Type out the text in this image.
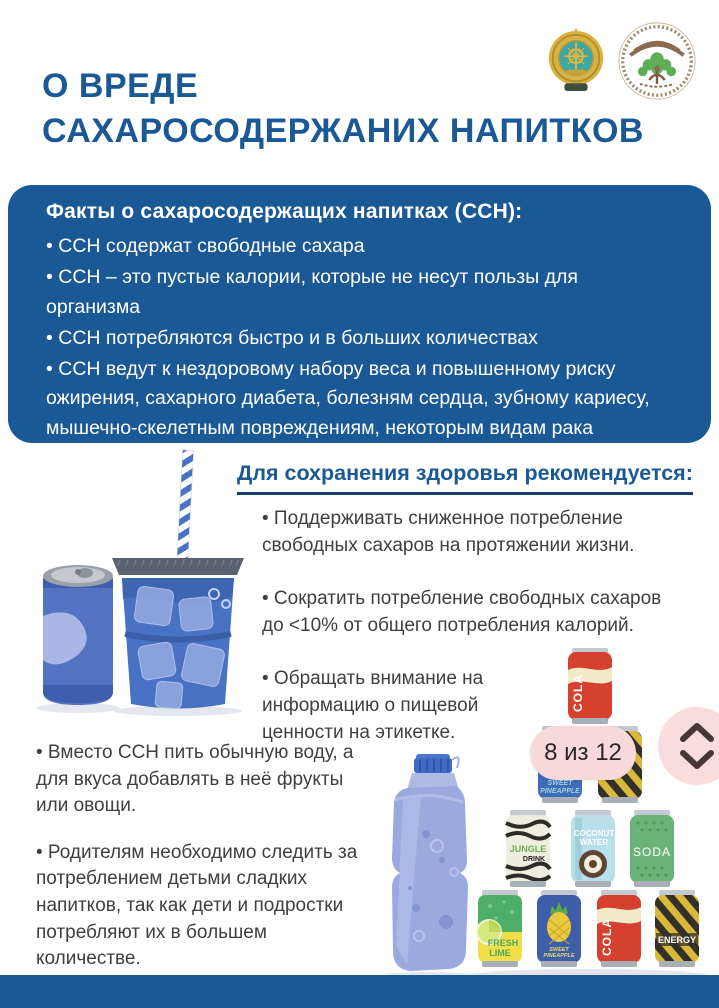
О ВРЕДЕ
САХАРОСОДЕРЖАНИХ НАПИТКОВ
Факты о сахаросодержащих напитках (ССН):

• ССН содержат свободные сахара

• ССН – это пустые калории, которые не несут пользы для организма

• ССН потребляются быстро и в больших количествах

• ССН ведут к нездоровому набору веса и повышенному риску ожирения, сахарного диабета, болезням сердца, зубному кариесу, мышечно-скелетным повреждениям, некоторым видам рака

Для сохранения здоровья рекомендуется:

• Поддерживать сниженное потребление свободных сахаров на протяжении жизни.

• Сократить потребление свободных сахаров до <10% от общего потребления калорий.

• Обращать внимание на информацию о пищевой ценности на этикетке.

• Вместо ССН пить обычную воду, а для вкуса добавлять в неё фрукты или овощи.

• Родителям необходимо следить за потреблением детьми сладких напитков, так как дети и подростки потребляют их в большем количестве.

COLA
SWEET
PINEAPPLE
JUNGLE
DRINK
COCONUT
WATER
SODA
FRESH
LIME	SWEET
PINEAPPLE COLA	ENERGY
8 из 12
